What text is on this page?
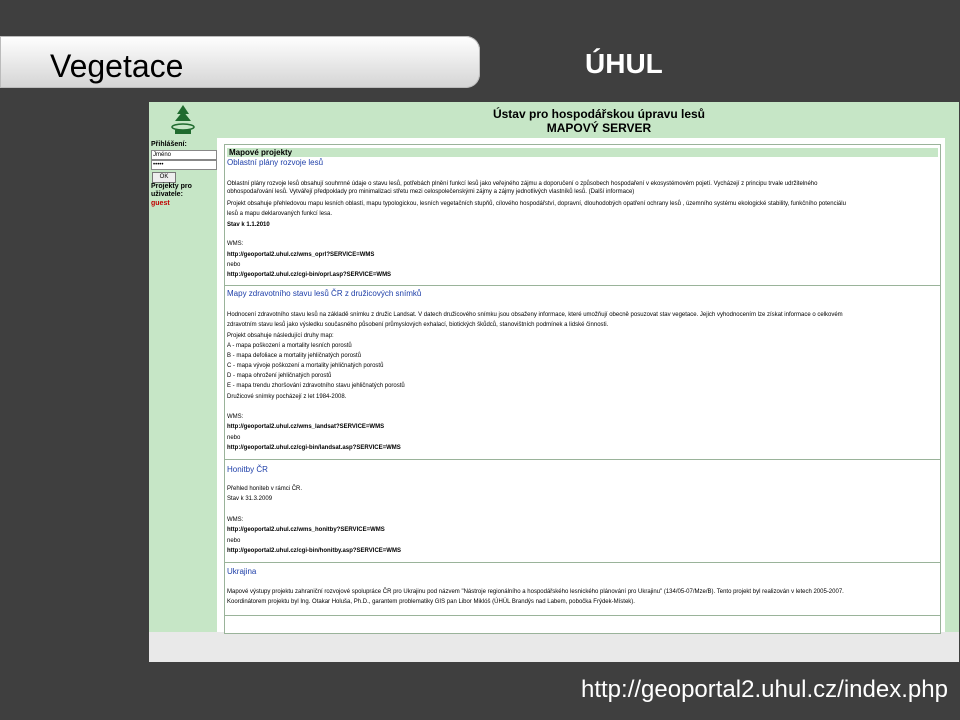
Vegetace	ÚHUL
Ústav pro hospodářskou úpravu lesů
MAPOVÝ SERVER
Přihlášení:
Jméno
•••••
OK
Projekty pro
uživatele:
guest
Mapové projekty
Oblastní plány rozvoje lesů
Oblastní plány rozvoje lesů obsahují souhrnné údaje o stavu lesů, potřebách plnění funkcí lesů jako veřejného zájmu a doporučení o způsobech hospodaření v ekosystémovém pojetí. Vycházejí z principu trvale udržitelného
obhospodařování lesů. Vytvářejí předpoklady pro minimalizaci střetu mezi celospolečenskými zájmy a zájmy jednotlivých vlastníků lesů. (Další informace)
Projekt obsahuje přehledovou mapu lesních oblastí, mapu typologickou, lesních vegetačních stupňů, cílového hospodářství, dopravní, dlouhodobých opatření ochrany lesů , územního systému ekologické stability, funkčního potenciálu
lesů a mapu deklarovaných funkcí lesa.
Stav k 1.1.2010
WMS:
http://geoportal2.uhul.cz/wms_oprl?SERVICE=WMS
nebo
http://geoportal2.uhul.cz/cgi-bin/oprl.asp?SERVICE=WMS
Mapy zdravotního stavu lesů ČR z družicových snímků
Hodnocení zdravotního stavu lesů na základě snímku z družic Landsat. V datech družicového snímku jsou obsaženy informace, které umožňují obecně posuzovat stav vegetace. Jejich vyhodnocením lze získat informace o celkovém
zdravotním stavu lesů jako výsledku současného působení průmyslových exhalací, biotických škůdců, stanovištních podmínek a lidské činnosti.
Projekt obsahuje následující druhy map:
A - mapa poškození a mortality lesních porostů
B - mapa defoliace a mortality jehličnatých porostů
C - mapa vývoje poškození a mortality jehličnatých porostů
D - mapa ohrožení jehličnatých porostů
E - mapa trendu zhoršování zdravotního stavu jehličnatých porostů
Družicové snímky pocházejí z let 1984-2008.
WMS:
http://geoportal2.uhul.cz/wms_landsat?SERVICE=WMS
nebo
http://geoportal2.uhul.cz/cgi-bin/landsat.asp?SERVICE=WMS
Honitby ČR
Přehled honiteb v rámci ČR.
Stav k 31.3.2009
WMS:
http://geoportal2.uhul.cz/wms_honitby?SERVICE=WMS
nebo
http://geoportal2.uhul.cz/cgi-bin/honitby.asp?SERVICE=WMS
Ukrajina
Mapové výstupy projektu zahraniční rozvojové spolupráce ČR pro Ukrajinu pod názvem "Nástroje regionálního a hospodářského lesnického plánování pro Ukrajinu" (134/05-07/Mze/B). Tento projekt byl realizován v letech 2005-2007.
Koordinátorem projektu byl Ing. Otakar Holuša, Ph.D., garantem problematiky GIS pan Libor Miklóš (ÚHÚL Brandýs nad Labem, pobočka Frýdek-Místek).
http://geoportal2.uhul.cz/index.php
